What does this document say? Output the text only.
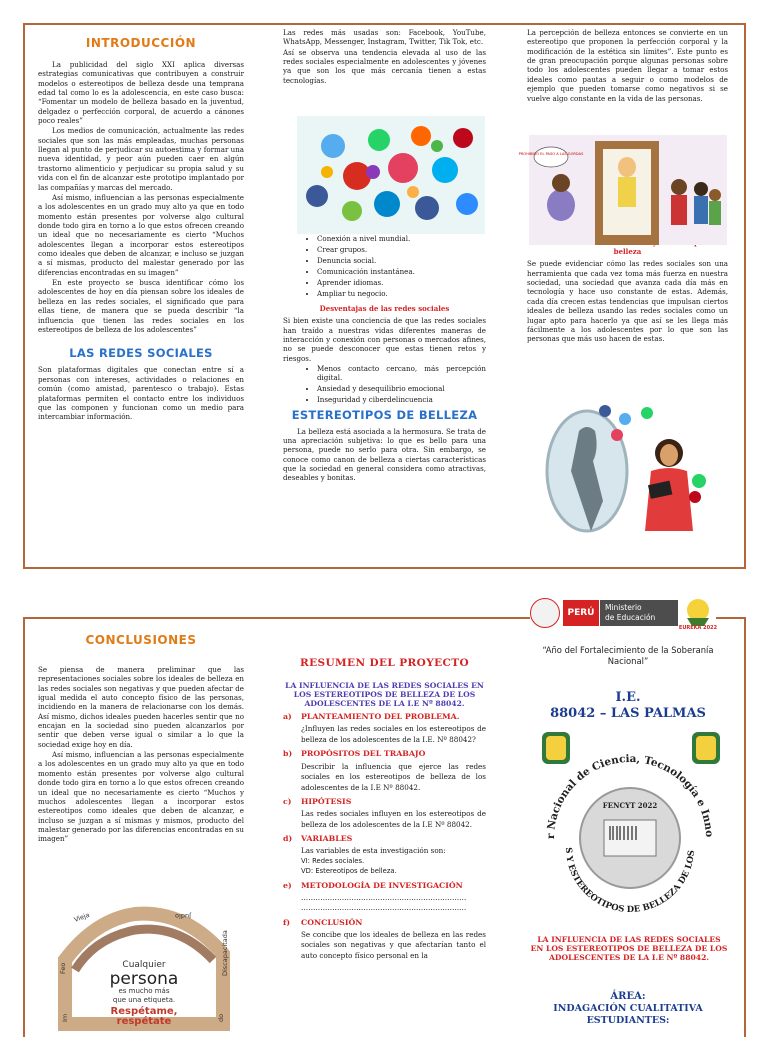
INTRODUCCIÓN

La publicidad del siglo XXI aplica diversas estrategias comunicativas que contribuyen a construir modelos o estereotipos de belleza desde una temprana edad tal como lo es la adolescencia, en este caso busca: “Fomentar un modelo de belleza basado en la juventud, delgadez o perfección corporal, de acuerdo a cánones poco reales”

Los medios de comunicación, actualmente las redes sociales que son las más empleadas, muchas personas llegan al punto de perjudicar su autoestima y formar una nueva identidad, y peor aún pueden caer en algún trastorno alimenticio y perjudicar su propia salud y su vida con el fin de alcanzar este prototipo implantado por las compañías y marcas del mercado.

Así mismo, influencian a las personas especialmente a los adolescentes en un grado muy alto ya que en todo momento están presentes por volverse algo cultural donde todo gira en torno a lo que estos ofrecen creando un ideal que no necesariamente es cierto “Muchos adolescentes llegan a incorporar estos estereotipos como ideales que deben de alcanzar, e incluso se juzgan a sí mismas, producto del malestar generado por las diferencias encontradas en su imagen”

En este proyecto se busca identificar cómo los adolescentes de hoy en día piensan sobre los ideales de belleza en las redes sociales, el significado que para ellas tiene, de manera que se pueda describir “la influencia que tienen las redes sociales en los estereotipos de belleza de los adolescentes”

LAS REDES SOCIALES

Son plataformas digitales que conectan entre sí a personas con intereses, actividades o relaciones en común (como amistad, parentesco o trabajo). Estas plataformas permiten el contacto entre los individuos que las componen y funcionan como un medio para intercambiar información.

Las redes más usadas son: Facebook, YouTube, WhatsApp, Messenger, Instagram, Twitter, Tik Tok, etc.

Así se observa una tendencia elevada al uso de las redes sociales especialmente en adolescentes y jóvenes ya que son los que más cercanía tienen a estas tecnologías.

• Conexión a nivel mundial.
• Crear grupos.
• Denuncia social.
• Comunicación instantánea.
• Aprender idiomas.
• Ampliar tu negocio.
Desventajas de las redes sociales

Si bien existe una conciencia de que las redes sociales han traído a nuestras vidas diferentes maneras de interacción y conexión con personas o mercados afines, no se puede desconocer que estas tienen retos y riesgos.

• Menos contacto cercano, más percepción digital.
• Ansiedad y desequilibrio emocional
• Inseguridad y ciberdelincuencia
ESTEREOTIPOS DE BELLEZA

La belleza está asociada a la hermosura. Se trata de una apreciación subjetiva: lo que es bello para una persona, puede no serlo para otra. Sin embargo, se conoce como canon de belleza a ciertas características que la sociedad en general considera como atractivas, deseables y bonitas.

La percepción de belleza entonces se convierte en un estereotipo que proponen la perfección corporal y la modificación de la estética sin límites”. Este punto es de gran preocupación porque algunas personas sobre todo los adolescentes pueden llegar a tomar estos ideales como pautas a seguir o como modelos de ejemplo que pueden tomarse como negativos si se vuelve algo constante en la vida de las personas.

belleza

Se puede evidenciar cómo las redes sociales son una herramienta que cada vez toma más fuerza en nuestra sociedad, una sociedad que avanza cada día más en tecnología y hace uso constante de estas. Además, cada día crecen estas tendencias que impulsan ciertos ideales de belleza usando las redes sociales como un lugar apto para hacerlo ya que así se les llega más fácilmente a los adolescentes por lo que son las personas que más uso hacen de estas.

PROHIBIDO EL PASO A LAS GORDAS
CONCLUSIONES

Se piensa de manera preliminar que las representaciones sociales sobre los ideales de belleza en las redes sociales son negativas y que pueden afectar de igual medida el auto concepto físico de las personas, incidiendo en la manera de relacionarse con los demás. Así mismo, dichos ideales pueden hacerles sentir que no encajan en la sociedad sino pueden alcanzarlos por sentir que deben verse igual o similar a lo que la sociedad exige hoy en día.

Así mismo, influencian a las personas especialmente a los adolescentes en un grado muy alto ya que en todo momento están presentes por volverse algo cultural donde todo gira en torno a lo que estos ofrecen creando un ideal que no necesariamente es cierto “Muchos y muchos adolescentes llegan a incorporar estos estereotipos como ideales que deben de alcanzar, e incluso se juzgan a sí mismas y mismos, producto del malestar generado por las diferencias encontradas en su imagen”

Vieja	Judío
Feo	Discapacitada
Im	do
Cualquier
persona
es mucho más
que una etiqueta.
Respétame,
respétate
RESUMEN DEL PROYECTO
LA INFLUENCIA DE LAS REDES SOCIALES EN LOS ESTEREOTIPOS DE BELLEZA DE LOS ADOLESCENTES DE LA I.E Nº 88042.
a) PLANTEAMIENTO DEL PROBLEMA.
¿Influyen las redes sociales en los estereotipos de belleza de los adolescentes de la I.E. Nº 88042?
b) PROPÓSITOS DEL TRABAJO
Describir la influencia que ejerce las redes sociales en los estereotipos de belleza de los adolescentes de la I.E Nº 88042.
c) HIPÓTESIS
Las redes sociales influyen en los estereotipos de belleza de los adolescentes de la I.E Nº 88042.
d) VARIABLES
Las variables de esta investigación son:
VI: Redes sociales.
VD: Estereotipos de belleza.
e) METODOLOGÍA DE INVESTIGACIÓN
……………………………………………………………
……………………………………………………………
f) CONCLUSIÓN
Se concibe que los ideales de belleza en las redes sociales son negativas y que afectarían tanto el auto concepto físico personal en la
PERÚ
Ministerio
de Educación
EUREKA 2022
“Año del Fortalecimiento de la Soberanía Nacional”
I.E.
88042 – LAS PALMAS
r Nacional de Ciencia, Tecnología e Inno
FENCYT 2022
S Y ESTEREOTIPOS DE BELLEZA DE LOS
LA INFLUENCIA DE LAS REDES SOCIALES EN LOS ESTEREOTIPOS DE BELLEZA DE LOS ADOLESCENTES DE LA I.E Nº 88042.
ÁREA:
INDAGACIÓN CUALITATIVA
ESTUDIANTES:
